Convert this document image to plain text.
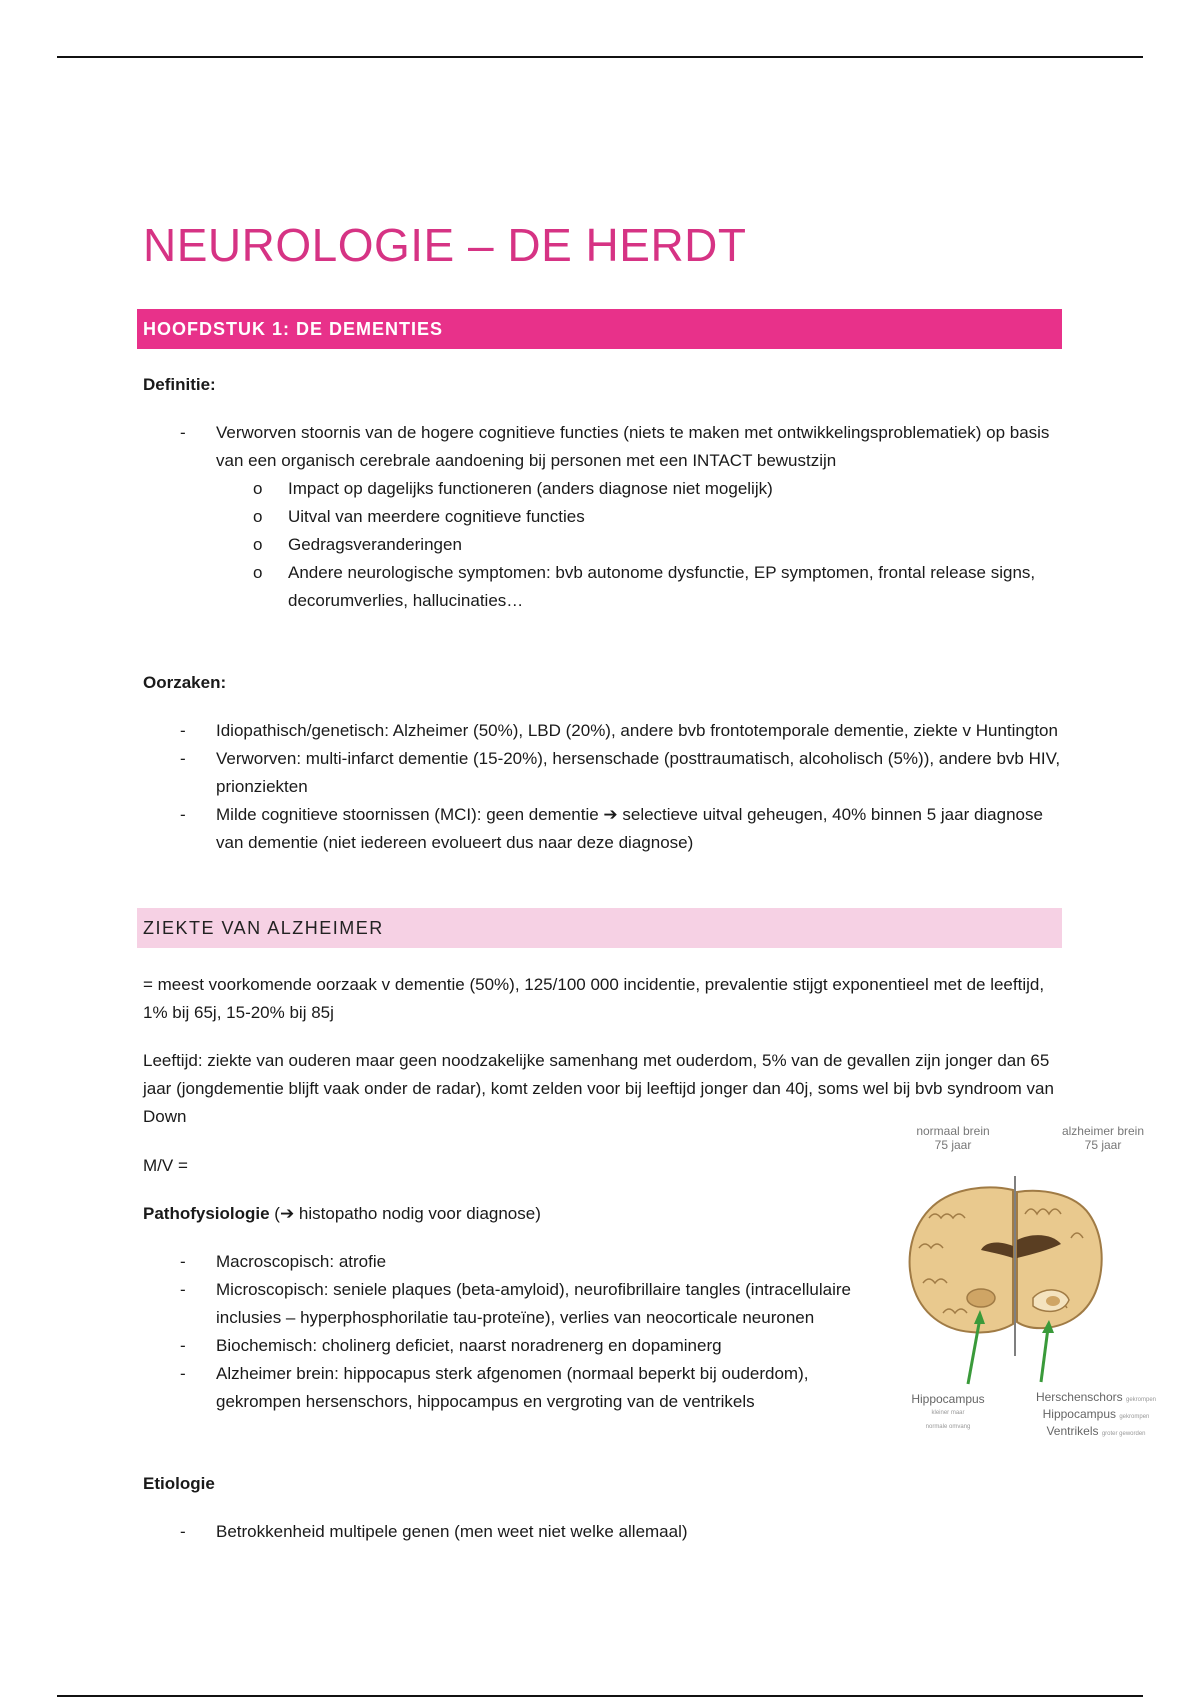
NEUROLOGIE – DE HERDT
HOOFDSTUK 1: DE DEMENTIES
Definitie:
- Verworven stoornis van de hogere cognitieve functies (niets te maken met ontwikkelingsproblematiek) op basis van een organisch cerebrale aandoening bij personen met een INTACT bewustzijn
o Impact op dagelijks functioneren (anders diagnose niet mogelijk)
o Uitval van meerdere cognitieve functies
o Gedragsveranderingen
o Andere neurologische symptomen: bvb autonome dysfunctie, EP symptomen, frontal release signs, decorumverlies, hallucinaties…
Oorzaken:
- Idiopathisch/genetisch: Alzheimer (50%), LBD (20%), andere bvb frontotemporale dementie, ziekte v Huntington
- Verworven: multi-infarct dementie (15-20%), hersenschade (posttraumatisch, alcoholisch (5%)), andere bvb HIV, prionziekten
- Milde cognitieve stoornissen (MCI): geen dementie ➔ selectieve uitval geheugen, 40% binnen 5 jaar diagnose van dementie (niet iedereen evolueert dus naar deze diagnose)
ZIEKTE VAN ALZHEIMER

= meest voorkomende oorzaak v dementie (50%), 125/100 000 incidentie, prevalentie stijgt exponentieel met de leeftijd, 1% bij 65j, 15-20% bij 85j

Leeftijd: ziekte van ouderen maar geen noodzakelijke samenhang met ouderdom, 5% van de gevallen zijn jonger dan 65 jaar (jongdementie blijft vaak onder de radar), komt zelden voor bij leeftijd jonger dan 40j, soms wel bij bvb syndroom van Down

M/V =

Pathofysiologie (➔ histopatho nodig voor diagnose)
- Macroscopisch: atrofie
- Microscopisch: seniele plaques (beta-amyloid), neurofibrillaire tangles (intracellulaire inclusies – hyperphosphorilatie tau-proteïne), verlies van neocorticale neuronen
- Biochemisch: cholinerg deficiet, naarst noradrenerg en dopaminerg
- Alzheimer brein: hippocapus sterk afgenomen (normaal beperkt bij ouderdom), gekrompen hersenschors, hippocampus en vergroting van de ventrikels
Etiologie
- Betrokkenheid multipele genen (men weet niet welke allemaal)
normaal brein
75 jaar
alzheimer brein
75 jaar
Hippocampus
kleiner maar
normale omvang
Herschenschors gekrompen
Hippocampus gekrompen
Ventrikels groter geworden
